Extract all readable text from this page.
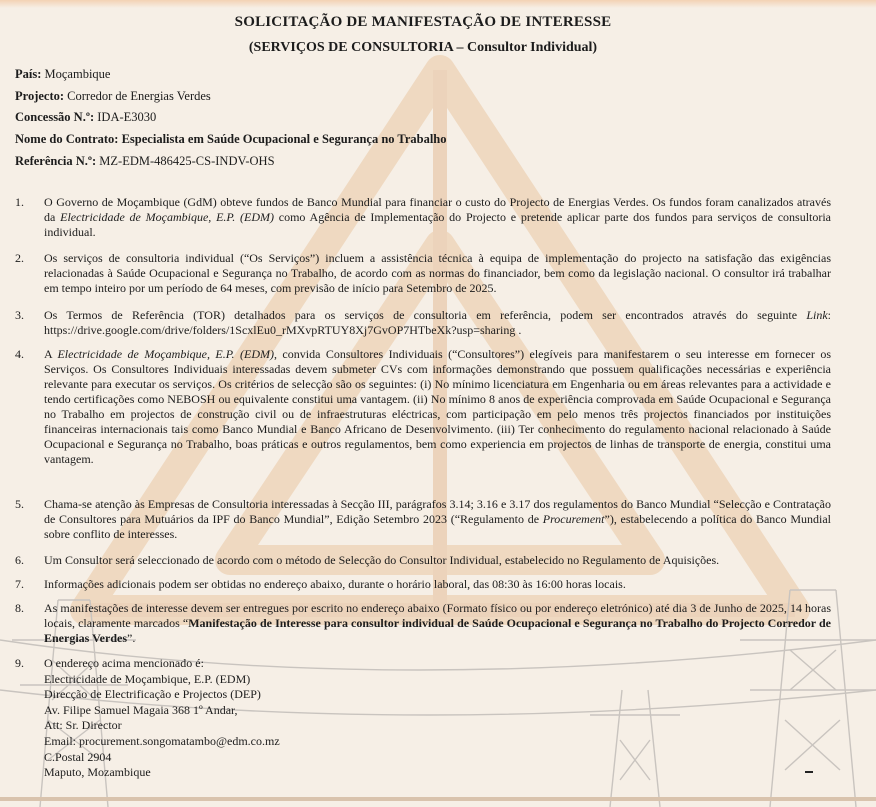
SOLICITAÇÃO DE MANIFESTAÇÃO DE INTERESSE
(SERVIÇOS DE CONSULTORIA – Consultor Individual)
País: Moçambique
Projecto: Corredor de Energias Verdes
Concessão N.º: IDA-E3030
Nome do Contrato: Especialista em Saúde Ocupacional e Segurança no Trabalho
Referência N.º: MZ-EDM-486425-CS-INDV-OHS
1.	O Governo de Moçambique (GdM) obteve fundos de Banco Mundial para financiar o custo do Projecto de Energias Verdes. Os fundos foram canalizados através da Electricidade de Moçambique, E.P. (EDM) como Agência de Implementação do Projecto e pretende aplicar parte dos fundos para serviços de consultoria individual.

2.	Os serviços de consultoria individual (“Os Serviços”) incluem a assistência técnica à equipa de implementação do projecto na satisfação das exigências relacionadas à Saúde Ocupacional e Segurança no Trabalho, de acordo com as normas do financiador, bem como da legislação nacional. O consultor irá trabalhar em tempo inteiro por um período de 64 meses, com previsão de início para Setembro de 2025.

3.	Os Termos de Referência (TOR) detalhados para os serviços de consultoria em referência, podem ser encontrados através do seguinte Link: https://drive.google.com/drive/folders/1ScxlEu0_rMXvpRTUY8Xj7GvOP7HTbeXk?usp=sharing .

4.	A Electricidade de Moçambique, E.P. (EDM), convida Consultores Individuais (“Consultores”) elegíveis para manifestarem o seu interesse em fornecer os Serviços. Os Consultores Individuais interessadas devem submeter CVs com informações demonstrando que possuem qualificações necessárias e experiência relevante para executar os serviços. Os critérios de selecção são os seguintes: (i) No mínimo licenciatura em Engenharia ou em áreas relevantes para a actividade e tendo certificações como NEBOSH ou equivalente constitui uma vantagem. (ii) No mínimo 8 anos de experiência comprovada em Saúde Ocupacional e Segurança no Trabalho em projectos de construção civil ou de infraestruturas eléctricas, com participação em pelo menos três projectos financiados por instituições financeiras internacionais tais como Banco Mundial e Banco Africano de Desenvolvimento. (iii) Ter conhecimento do regulamento nacional relacionado à Saúde Ocupacional e Segurança no Trabalho, boas práticas e outros regulamentos, bem como experiencia em projectos de linhas de transporte de energia, constitui uma vantagem.

5.	Chama-se atenção às Empresas de Consultoria interessadas à Secção III, parágrafos 3.14; 3.16 e 3.17 dos regulamentos do Banco Mundial “Selecção e Contratação de Consultores para Mutuários da IPF do Banco Mundial”, Edição Setembro 2023 (“Regulamento de Procurement”), estabelecendo a política do Banco Mundial sobre conflito de interesses.

6.	Um Consultor será seleccionado de acordo com o método de Selecção do Consultor Individual, estabelecido no Regulamento de Aquisições.

7.	Informações adicionais podem ser obtidas no endereço abaixo, durante o horário laboral, das 08:30 às 16:00 horas locais.

8.	As manifestações de interesse devem ser entregues por escrito no endereço abaixo (Formato físico ou por endereço eletrónico) até dia 3 de Junho de 2025, 14 horas locais, claramente marcados “Manifestação de Interesse para consultor individual de Saúde Ocupacional e Segurança no Trabalho do Projecto Corredor de Energias Verdes”.

9.	O endereço acima mencionado é:

Electricidade de Moçambique, E.P. (EDM)

Direcção de Electrificação e Projectos (DEP)

Av. Filipe Samuel Magaia 368 1º Andar,

Att: Sr. Director

Email: procurement.songomatambo@edm.co.mz

C.Postal 2904

Maputo, Mozambique
